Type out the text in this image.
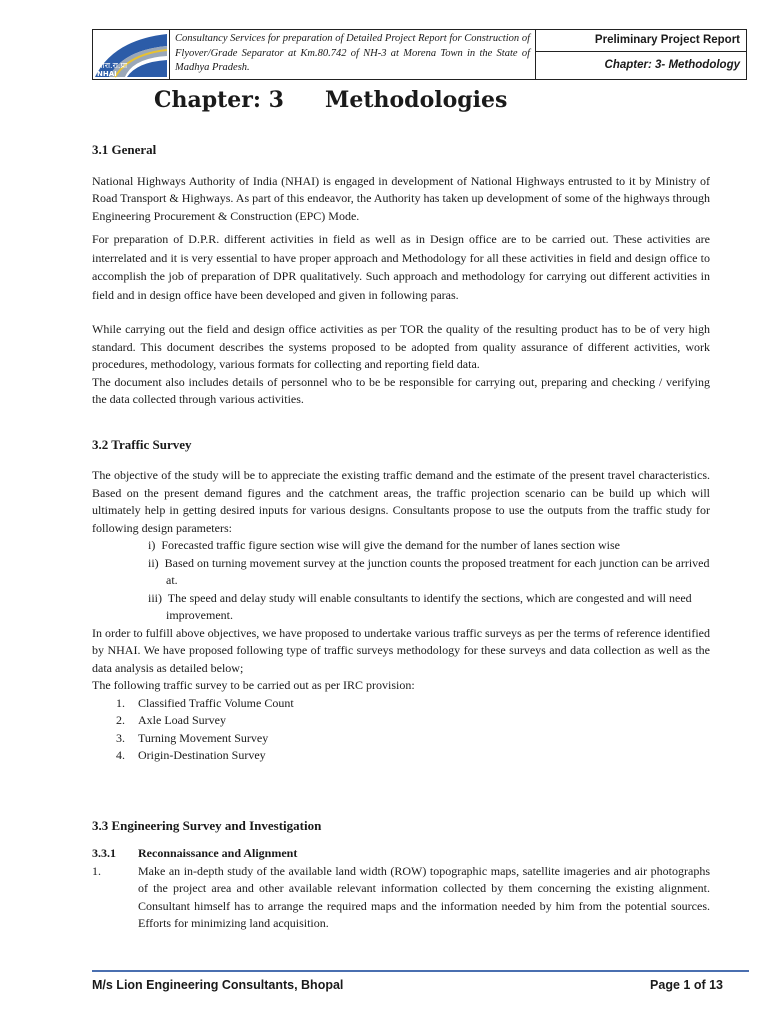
भारा.रा.प्रा
NHAI
Consultancy Services for preparation of Detailed Project Report for Construction of Flyover/Grade Separator at Km.80.742 of NH-3 at Morena Town in the State of Madhya Pradesh.
Preliminary Project Report
Chapter: 3- Methodology
Chapter: 3 Methodologies
3.1 General

National Highways Authority of India (NHAI) is engaged in development of National Highways entrusted to it by Ministry of Road Transport & Highways. As part of this endeavor, the Authority has taken up development of some of the highways through Engineering Procurement & Construction (EPC) Mode.

For preparation of D.P.R. different activities in field as well as in Design office are to be carried out. These activities are interrelated and it is very essential to have proper approach and Methodology for all these activities in field and design office to accomplish the job of preparation of DPR qualitatively. Such approach and methodology for carrying out different activities in field and in design office have been developed and given in following paras.

While carrying out the field and design office activities as per TOR the quality of the resulting product has to be of very high standard. This document describes the systems proposed to be adopted from quality assurance of different activities, work procedures, methodology, various formats for collecting and reporting field data.

The document also includes details of personnel who to be be responsible for carrying out, preparing and checking / verifying the data collected through various activities.

3.2 Traffic Survey

The objective of the study will be to appreciate the existing traffic demand and the estimate of the present travel characteristics. Based on the present demand figures and the catchment areas, the traffic projection scenario can be build up which will ultimately help in getting desired inputs for various designs. Consultants propose to use the outputs from the traffic study for following design parameters:

i) Forecasted traffic figure section wise will give the demand for the number of lanes section wise
ii) Based on turning movement survey at the junction counts the proposed treatment for each junction can be arrived at.
iii) The speed and delay study will enable consultants to identify the sections, which are congested and will need improvement.

In order to fulfill above objectives, we have proposed to undertake various traffic surveys as per the terms of reference identified by NHAI. We have proposed following type of traffic surveys methodology for these surveys and data collection as well as the data analysis as detailed below;

The following traffic survey to be carried out as per IRC provision:

1. Classified Traffic Volume Count
2. Axle Load Survey
3. Turning Movement Survey
4. Origin-Destination Survey
3.3 Engineering Survey and Investigation
3.3.1 Reconnaissance and Alignment
1.	Make an in-depth study of the available land width (ROW) topographic maps, satellite imageries and air photographs of the project area and other available relevant information collected by them concerning the existing alignment. Consultant himself has to arrange the required maps and the information needed by him from the potential sources. Efforts for minimizing land acquisition.

M/s Lion Engineering Consultants, Bhopal	Page 1 of 13
